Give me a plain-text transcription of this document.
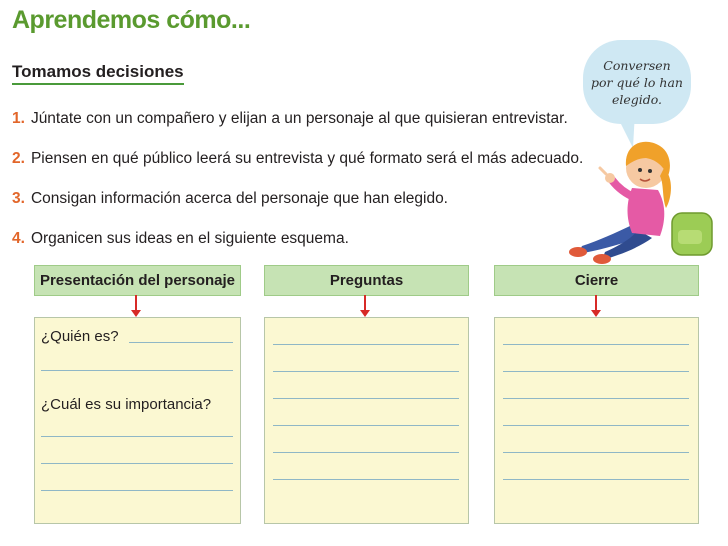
Aprendemos cómo...
Tomamos decisiones
1. Júntate con un compañero y elijan a un personaje al que quisieran entrevistar.
2. Piensen en qué público leerá su entrevista y qué formato será el más adecuado.
3. Consigan información acerca del personaje que han elegido.
4. Organicen sus ideas en el siguiente esquema.
Conversen
por qué lo han
elegido.
Presentación del personaje	Preguntas	Cierre
¿Quién es?
¿Cuál es su importancia?
